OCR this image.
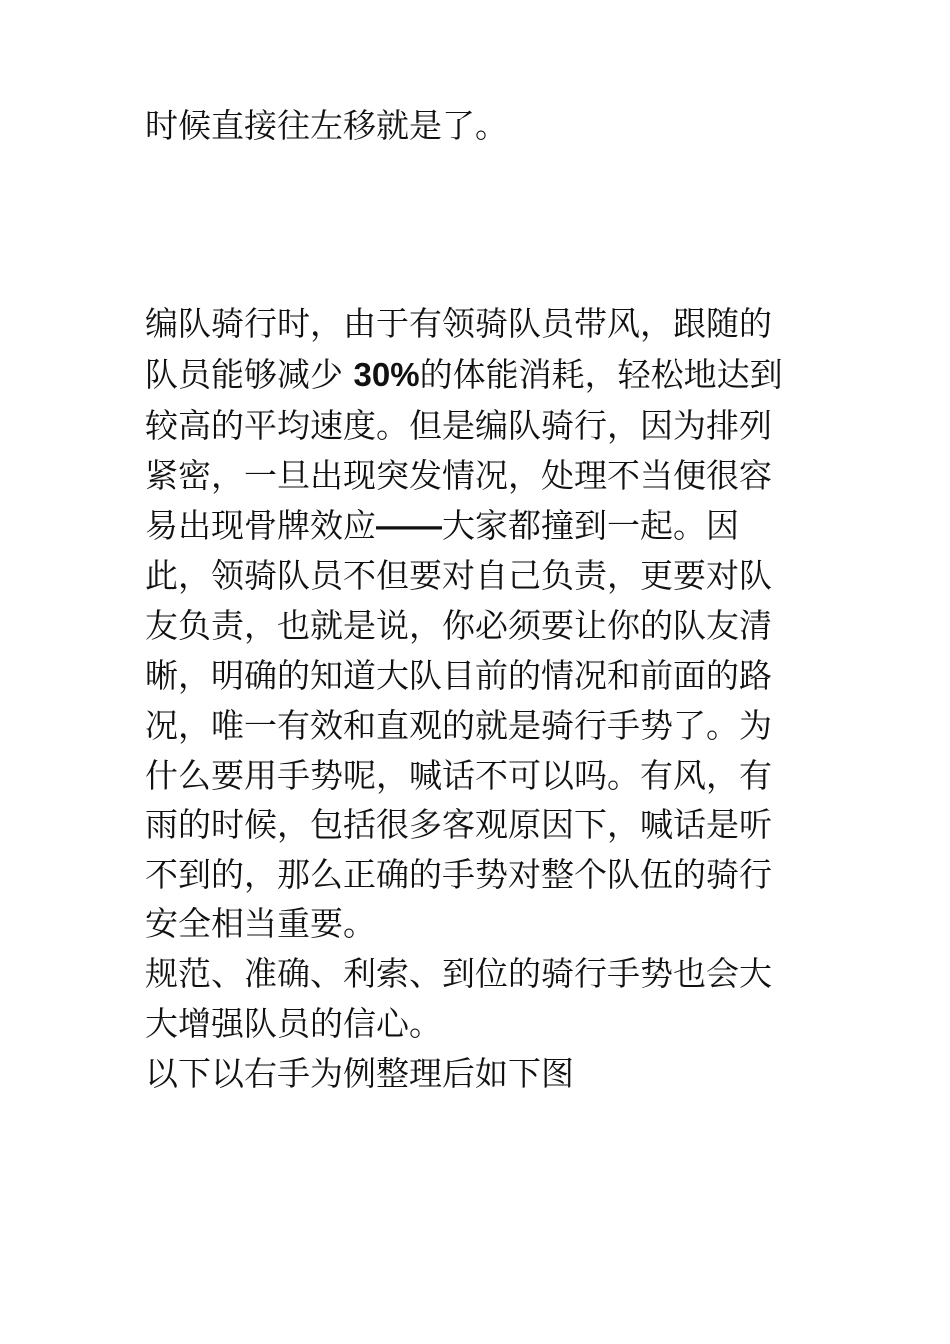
时候直接往左移就是了。
编队骑行时，由于有领骑队员带风，跟随的
队员能够减少 30%的体能消耗，轻松地达到
较高的平均速度。但是编队骑行，因为排列
紧密，一旦出现突发情况，处理不当便很容
易出现骨牌效应——大家都撞到一起。因
此，领骑队员不但要对自己负责，更要对队
友负责，也就是说，你必须要让你的队友清
晰，明确的知道大队目前的情况和前面的路
况，唯一有效和直观的就是骑行手势了。为
什么要用手势呢，喊话不可以吗。有风，有
雨的时候，包括很多客观原因下，喊话是听
不到的，那么正确的手势对整个队伍的骑行
安全相当重要。
规范、准确、利索、到位的骑行手势也会大
大增强队员的信心。
以下以右手为例整理后如下图
